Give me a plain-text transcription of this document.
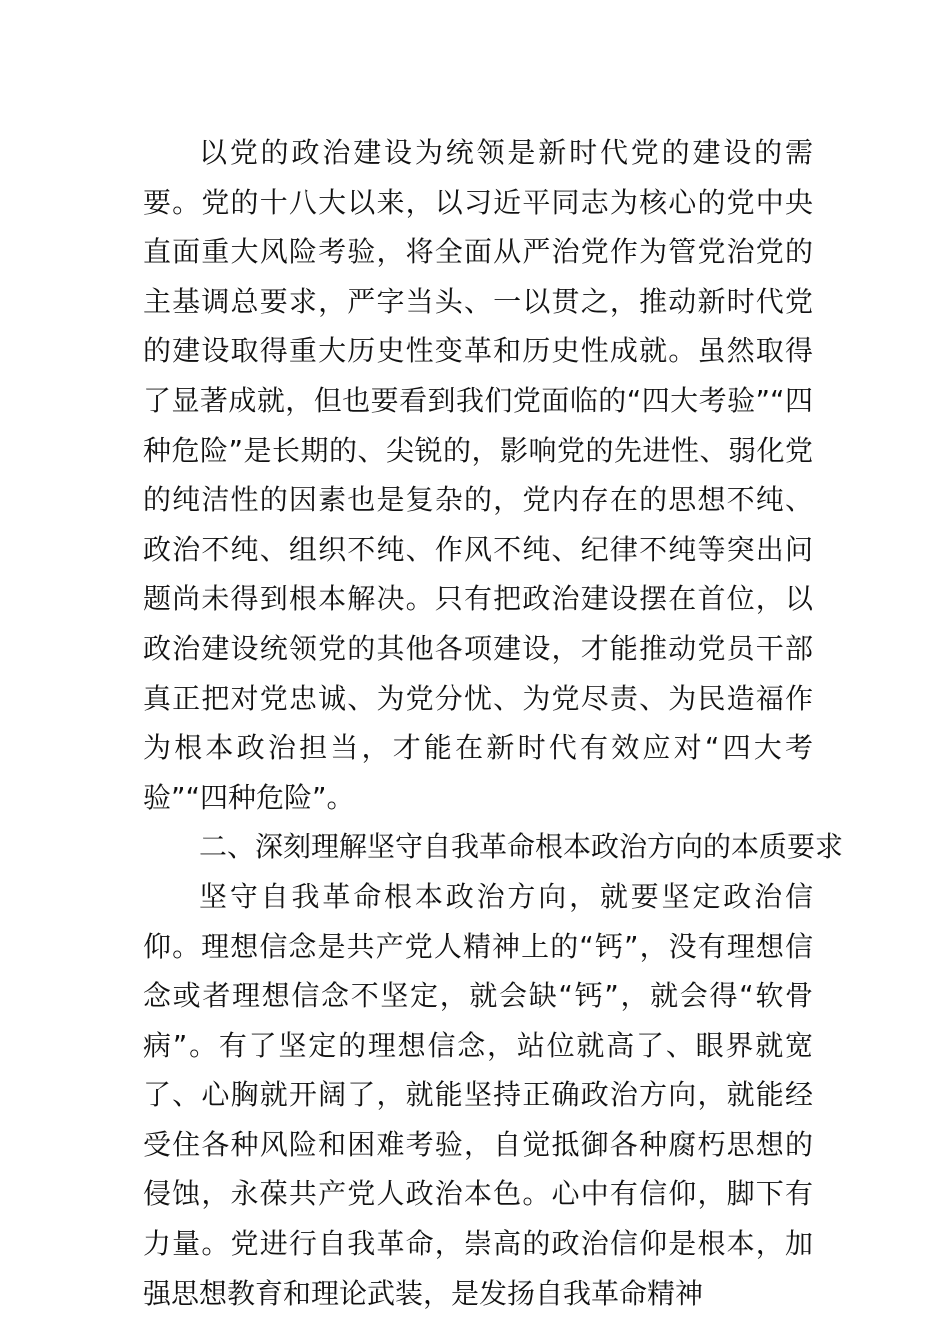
以党的政治建设为统领是新时代党的建设的需要。党的十八大以来，以习近平同志为核心的党中央直面重大风险考验，将全面从严治党作为管党治党的主基调总要求，严字当头、一以贯之，推动新时代党的建设取得重大历史性变革和历史性成就。虽然取得了显著成就，但也要看到我们党面临的“四大考验”“四种危险”是长期的、尖锐的，影响党的先进性、弱化党的纯洁性的因素也是复杂的，党内存在的思想不纯、政治不纯、组织不纯、作风不纯、纪律不纯等突出问题尚未得到根本解决。只有把政治建设摆在首位，以政治建设统领党的其他各项建设，才能推动党员干部真正把对党忠诚、为党分忧、为党尽责、为民造福作为根本政治担当，才能在新时代有效应对“四大考验”“四种危险”。

二、深刻理解坚守自我革命根本政治方向的本质要求

坚守自我革命根本政治方向，就要坚定政治信仰。理想信念是共产党人精神上的“钙”，没有理想信念或者理想信念不坚定，就会缺“钙”，就会得“软骨病”。有了坚定的理想信念，站位就高了、眼界就宽了、心胸就开阔了，就能坚持正确政治方向，就能经受住各种风险和困难考验，自觉抵御各种腐朽思想的侵蚀，永葆共产党人政治本色。心中有信仰，脚下有力量。党进行自我革命，崇高的政治信仰是根本，加强思想教育和理论武装，是发扬自我革命精神
